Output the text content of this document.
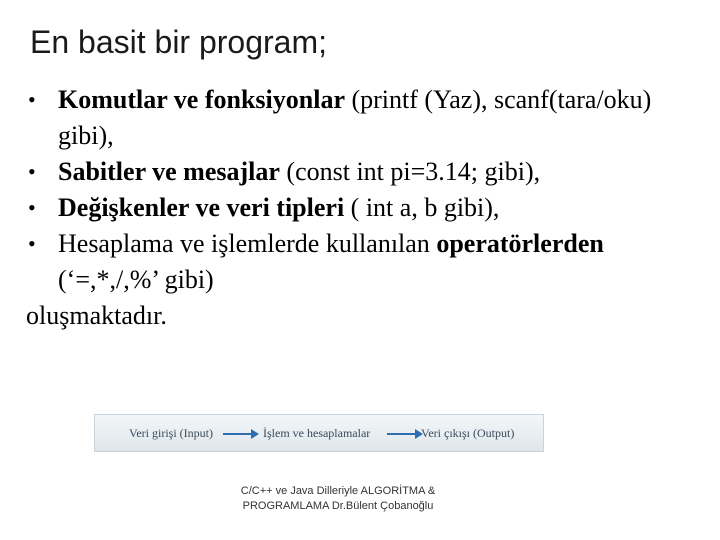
En basit bir program;
• Komutlar ve fonksiyonlar (printf (Yaz), scanf(tara/oku) gibi),
• Sabitler ve mesajlar (const int pi=3.14; gibi),
• Değişkenler ve veri tipleri ( int a, b gibi),
• Hesaplama ve işlemlerde kullanılan operatörlerden (‘=,*,/,%’ gibi)
oluşmaktadır.
Veri girişi (Input)	İşlem ve hesaplamalar	Veri çıkışı (Output)
C/C++ ve Java Dilleriyle ALGORİTMA & PROGRAMLAMA Dr.Bülent Çobanoğlu
